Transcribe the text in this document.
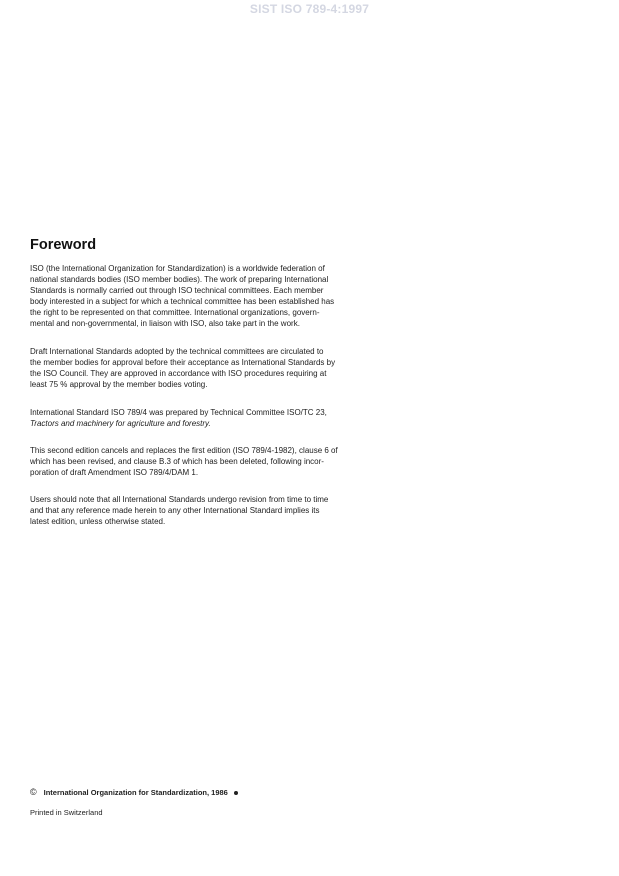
SIST ISO 789-4:1997
Foreword

ISO (the International Organization for Standardization) is a worldwide federation of
national standards bodies (ISO member bodies). The work of preparing International
Standards is normally carried out through ISO technical committees. Each member
body interested in a subject for which a technical committee has been established has
the right to be represented on that committee. International organizations, govern-
mental and non-governmental, in liaison with ISO, also take part in the work.

Draft International Standards adopted by the technical committees are circulated to
the member bodies for approval before their acceptance as International Standards by
the ISO Council. They are approved in accordance with ISO procedures requiring at
least 75 % approval by the member bodies voting.

International Standard ISO 789/4 was prepared by Technical Committee ISO/TC 23,
Tractors and machinery for agriculture and forestry.

This second edition cancels and replaces the first edition (ISO 789/4-1982), clause 6 of
which has been revised, and clause B.3 of which has been deleted, following incor-
poration of draft Amendment ISO 789/4/DAM 1.

Users should note that all International Standards undergo revision from time to time
and that any reference made herein to any other International Standard implies its
latest edition, unless otherwise stated.

© International Organization for Standardization, 1986
Printed in Switzerland
